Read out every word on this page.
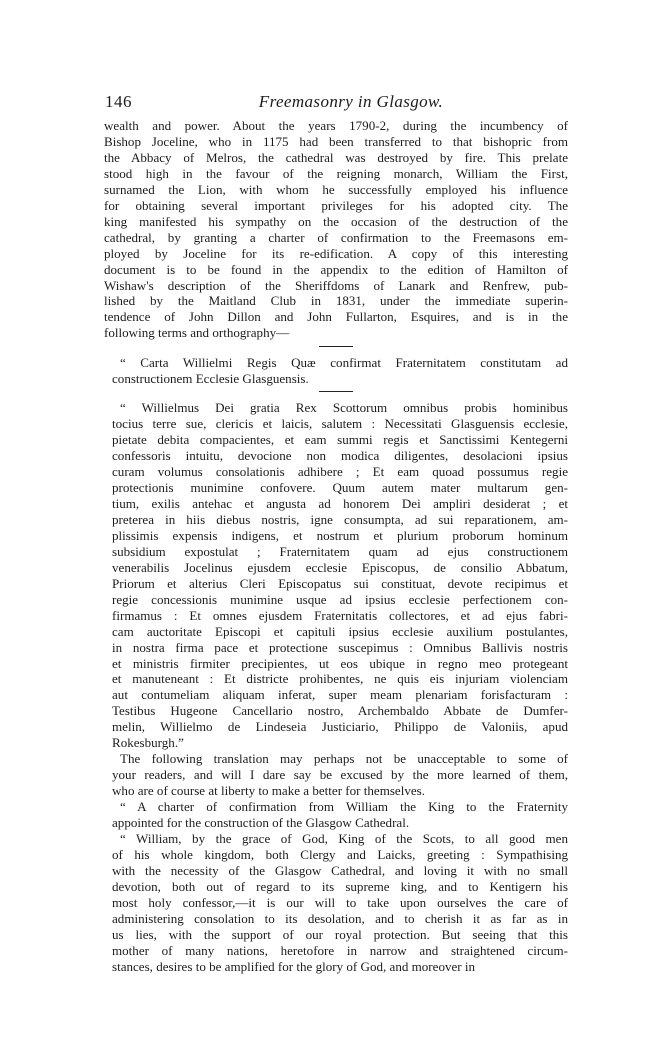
146	Freemasonry in Glasgow.
wealth and power. About the years 1790-2, during the incumbency of
Bishop Joceline, who in 1175 had been transferred to that bishopric from
the Abbacy of Melros, the cathedral was destroyed by fire. This prelate
stood high in the favour of the reigning monarch, William the First,
surnamed the Lion, with whom he successfully employed his influence
for obtaining several important privileges for his adopted city. The
king manifested his sympathy on the occasion of the destruction of the
cathedral, by granting a charter of confirmation to the Freemasons em-
ployed by Joceline for its re-edification. A copy of this interesting
document is to be found in the appendix to the edition of Hamilton of
Wishaw's description of the Sheriffdoms of Lanark and Renfrew, pub-
lished by the Maitland Club in 1831, under the immediate superin-
tendence of John Dillon and John Fullarton, Esquires, and is in the
following terms and orthography—
“ Carta Willielmi Regis Quæ confirmat Fraternitatem constitutam ad
constructionem Ecclesie Glasguensis.
“ Willielmus Dei gratia Rex Scottorum omnibus probis hominibus
tocius terre sue, clericis et laicis, salutem : Necessitati Glasguensis ecclesie,
pietate debita compacientes, et eam summi regis et Sanctissimi Kentegerni
confessoris intuitu, devocione non modica diligentes, desolacioni ipsius
curam volumus consolationis adhibere ; Et eam quoad possumus regie
protectionis munimine confovere. Quum autem mater multarum gen-
tium, exilis antehac et angusta ad honorem Dei ampliri desiderat ; et
preterea in hiis diebus nostris, igne consumpta, ad sui reparationem, am-
plissimis expensis indigens, et nostrum et plurium proborum hominum
subsidium expostulat ; Fraternitatem quam ad ejus constructionem
venerabilis Jocelinus ejusdem ecclesie Episcopus, de consilio Abbatum,
Priorum et alterius Cleri Episcopatus sui constituat, devote recipimus et
regie concessionis munimine usque ad ipsius ecclesie perfectionem con-
firmamus : Et omnes ejusdem Fraternitatis collectores, et ad ejus fabri-
cam auctoritate Episcopi et capituli ipsius ecclesie auxilium postulantes,
in nostra firma pace et protectione suscepimus : Omnibus Ballivis nostris
et ministris firmiter precipientes, ut eos ubique in regno meo protegeant
et manuteneant : Et districte prohibentes, ne quis eis injuriam violenciam
aut contumeliam aliquam inferat, super meam plenariam forisfacturam :
Testibus Hugeone Cancellario nostro, Archembaldo Abbate de Dumfer-
melin, Willielmo de Lindeseia Justiciario, Philippo de Valoniis, apud
Rokesburgh.”
The following translation may perhaps not be unacceptable to some of
your readers, and will I dare say be excused by the more learned of them,
who are of course at liberty to make a better for themselves.
“ A charter of confirmation from William the King to the Fraternity
appointed for the construction of the Glasgow Cathedral.
“ William, by the grace of God, King of the Scots, to all good men
of his whole kingdom, both Clergy and Laicks, greeting : Sympathising
with the necessity of the Glasgow Cathedral, and loving it with no small
devotion, both out of regard to its supreme king, and to Kentigern his
most holy confessor,—it is our will to take upon ourselves the care of
administering consolation to its desolation, and to cherish it as far as in
us lies, with the support of our royal protection. But seeing that this
mother of many nations, heretofore in narrow and straightened circum-
stances, desires to be amplified for the glory of God, and moreover in
